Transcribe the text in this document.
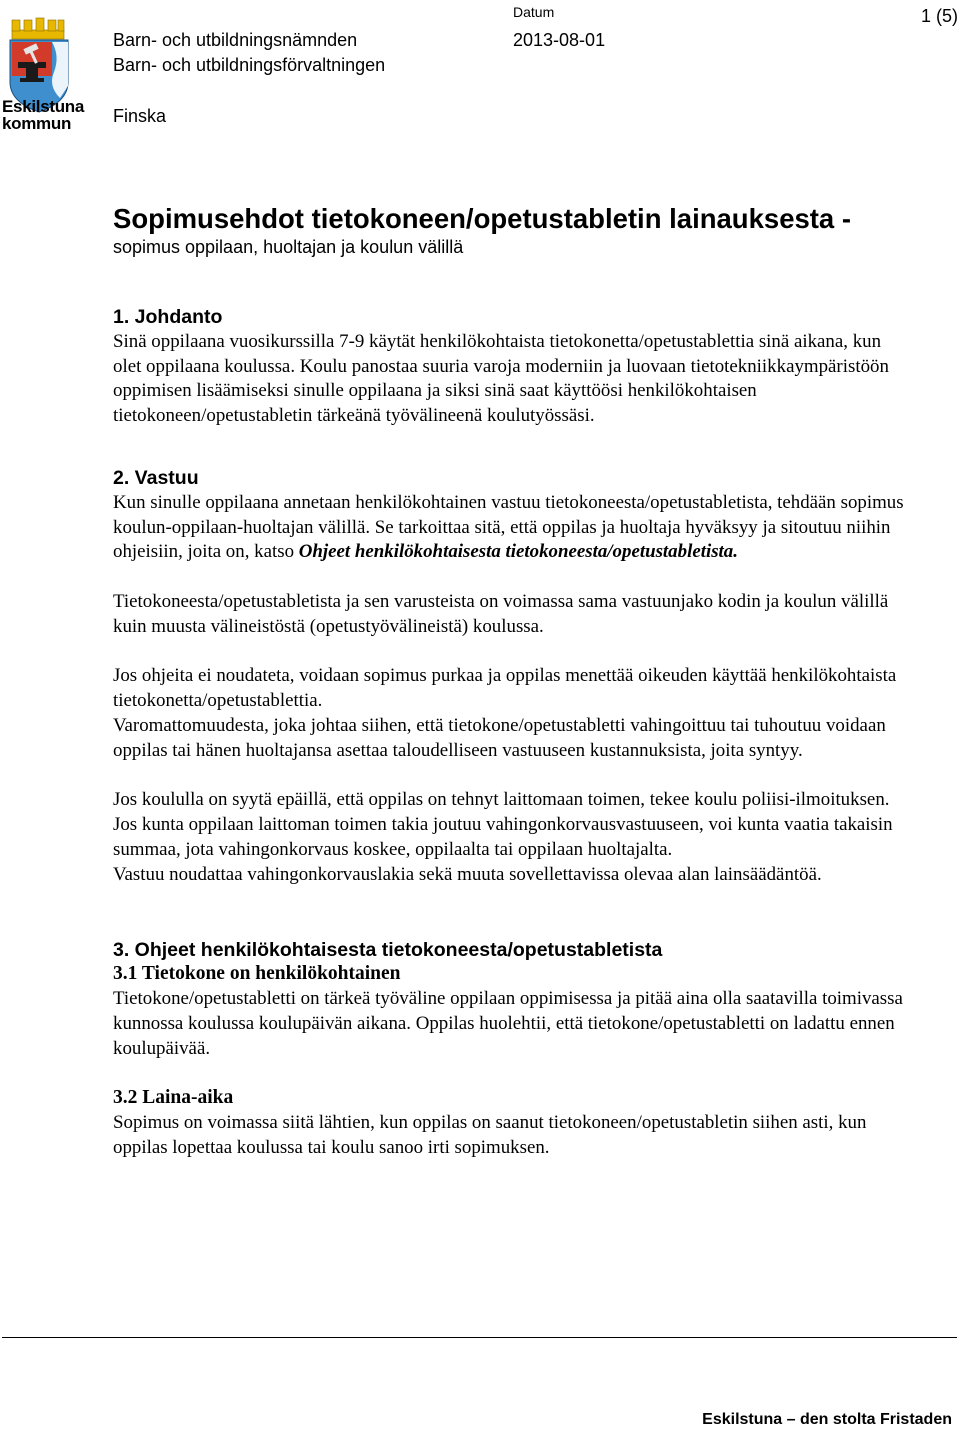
Eskilstuna
kommun
Barn- och utbildningsnämnden
Barn- och utbildningsförvaltningen
Finska
Datum
2013-08-01
1 (5)
Sopimusehdot tietokoneen/opetustabletin lainauksesta -
sopimus oppilaan, huoltajan ja koulun välillä
1. Johdanto

Sinä oppilaana vuosikurssilla 7-9 käytät henkilökohtaista tietokonetta/opetustablettia sinä aikana, kun olet oppilaana koulussa. Koulu panostaa suuria varoja moderniin ja luovaan tietotekniikkaympäristöön oppimisen lisäämiseksi sinulle oppilaana ja siksi sinä saat käyttöösi henkilökohtaisen tietokoneen/opetustabletin tärkeänä työvälineenä koulutyössäsi.

2. Vastuu

Kun sinulle oppilaana annetaan henkilökohtainen vastuu tietokoneesta/opetustabletista, tehdään sopimus koulun-oppilaan-huoltajan välillä. Se tarkoittaa sitä, että oppilas ja huoltaja hyväksyy ja sitoutuu niihin ohjeisiin, joita on, katso Ohjeet henkilökohtaisesta tietokoneesta/opetustabletista.

Tietokoneesta/opetustabletista ja sen varusteista on voimassa sama vastuunjako kodin ja koulun välillä kuin muusta välineistöstä (opetustyövälineistä) koulussa.

Jos ohjeita ei noudateta, voidaan sopimus purkaa ja oppilas menettää oikeuden käyttää henkilökohtaista tietokonetta/opetustablettia.

Varomattomuudesta, joka johtaa siihen, että tietokone/opetustabletti vahingoittuu tai tuhoutuu voidaan oppilas tai hänen huoltajansa asettaa taloudelliseen vastuuseen kustannuksista, joita syntyy.

Jos koululla on syytä epäillä, että oppilas on tehnyt laittomaan toimen, tekee koulu poliisi-ilmoituksen.

Jos kunta oppilaan laittoman toimen takia joutuu vahingonkorvausvastuuseen, voi kunta vaatia takaisin summaa, jota vahingonkorvaus koskee, oppilaalta tai oppilaan huoltajalta.

Vastuu noudattaa vahingonkorvauslakia sekä muuta sovellettavissa olevaa alan lainsäädäntöä.

3. Ohjeet henkilökohtaisesta tietokoneesta/opetustabletista
3.1 Tietokone on henkilökohtainen

Tietokone/opetustabletti on tärkeä työväline oppilaan oppimisessa ja pitää aina olla saatavilla toimivassa kunnossa koulussa koulupäivän aikana. Oppilas huolehtii, että tietokone/opetustabletti on ladattu ennen koulupäivää.

3.2 Laina-aika

Sopimus on voimassa siitä lähtien, kun oppilas on saanut tietokoneen/opetustabletin siihen asti, kun oppilas lopettaa koulussa tai koulu sanoo irti sopimuksen.

Eskilstuna – den stolta Fristaden
